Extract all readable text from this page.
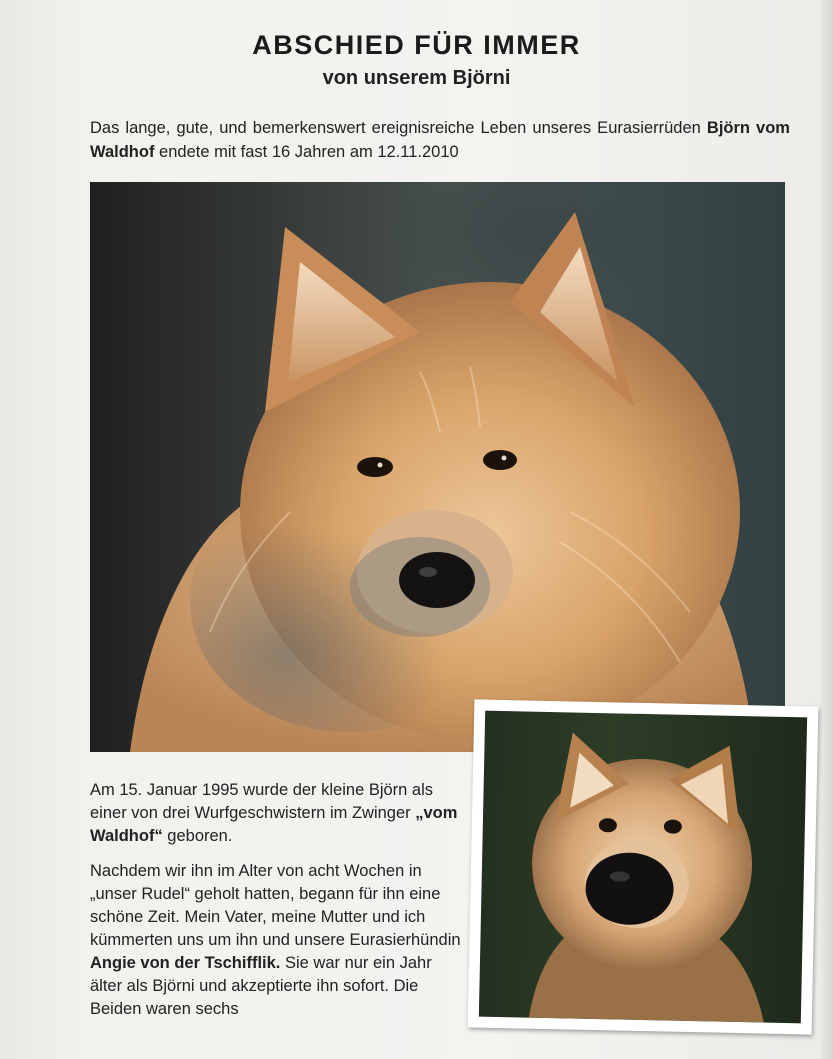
ABSCHIED FÜR IMMER
von unserem Björni

Das lange, gute, und bemerkenswert ereignisreiche Leben unseres Eurasierrüden Björn vom Waldhof endete mit fast 16 Jahren am 12.11.2010

Am 15. Januar 1995 wurde der kleine Björn als einer von drei Wurfgeschwistern im Zwinger „vom Waldhof“ geboren.

Nachdem wir ihn im Alter von acht Wochen in „unser Rudel“ geholt hatten, begann für ihn eine schöne Zeit. Mein Vater, meine Mutter und ich kümmerten uns um ihn und unsere Eurasierhündin Angie von der Tschifflik. Sie war nur ein Jahr älter als Björni und akzeptierte ihn sofort. Die Beiden waren sechs
